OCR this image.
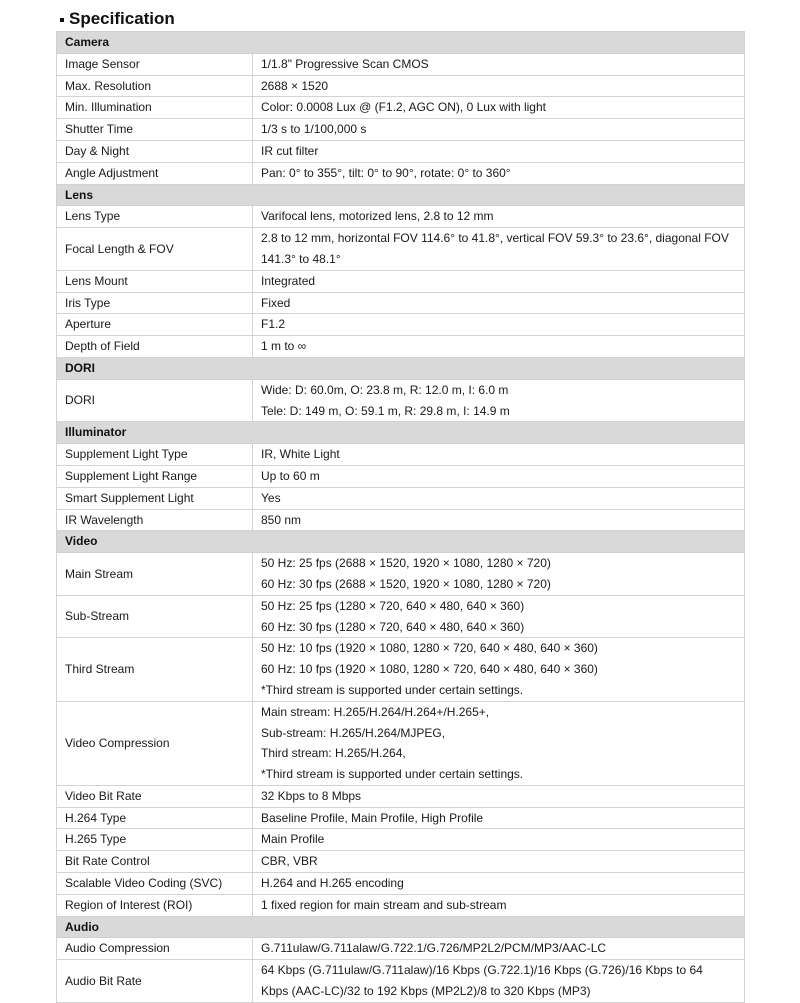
Specification
Camera	
Image Sensor	1/1.8" Progressive Scan CMOS

Max. Resolution	2688 × 1520

Min. Illumination	Color: 0.0008 Lux @ (F1.2, AGC ON), 0 Lux with light

Shutter Time	1/3 s to 1/100,000 s

Day & Night	IR cut filter

Angle Adjustment	Pan: 0° to 355°, tilt: 0° to 90°, rotate: 0° to 360°

Lens	
Lens Type	Varifocal lens, motorized lens, 2.8 to 12 mm

Focal Length & FOV	2.8 to 12 mm, horizontal FOV 114.6° to 41.8°, vertical FOV 59.3° to 23.6°, diagonal FOV
141.3° to 48.1°

Lens Mount	Integrated

Iris Type	Fixed

Aperture	F1.2

Depth of Field	1 m to ∞

DORI	
DORI	Wide: D: 60.0m, O: 23.8 m, R: 12.0 m, I: 6.0 m
Tele: D: 149 m, O: 59.1 m, R: 29.8 m, I: 14.9 m

Illuminator	
Supplement Light Type	IR, White Light

Supplement Light Range	Up to 60 m

Smart Supplement Light	Yes

IR Wavelength	850 nm

Video	
Main Stream	50 Hz: 25 fps (2688 × 1520, 1920 × 1080, 1280 × 720)
60 Hz: 30 fps (2688 × 1520, 1920 × 1080, 1280 × 720)

Sub-Stream	50 Hz: 25 fps (1280 × 720, 640 × 480, 640 × 360)
60 Hz: 30 fps (1280 × 720, 640 × 480, 640 × 360)

Third Stream	50 Hz: 10 fps (1920 × 1080, 1280 × 720, 640 × 480, 640 × 360)
60 Hz: 10 fps (1920 × 1080, 1280 × 720, 640 × 480, 640 × 360)
*Third stream is supported under certain settings.

Video Compression	Main stream: H.265/H.264/H.264+/H.265+,
Sub-stream: H.265/H.264/MJPEG,
Third stream: H.265/H.264,
*Third stream is supported under certain settings.

Video Bit Rate	32 Kbps to 8 Mbps

H.264 Type	Baseline Profile, Main Profile, High Profile

H.265 Type	Main Profile

Bit Rate Control	CBR, VBR

Scalable Video Coding (SVC)	H.264 and H.265 encoding

Region of Interest (ROI)	1 fixed region for main stream and sub-stream

Audio	
Audio Compression	G.711ulaw/G.711alaw/G.722.1/G.726/MP2L2/PCM/MP3/AAC-LC

Audio Bit Rate	64 Kbps (G.711ulaw/G.711alaw)/16 Kbps (G.722.1)/16 Kbps (G.726)/16 Kbps to 64
Kbps (AAC-LC)/32 to 192 Kbps (MP2L2)/8 to 320 Kbps (MP3)
